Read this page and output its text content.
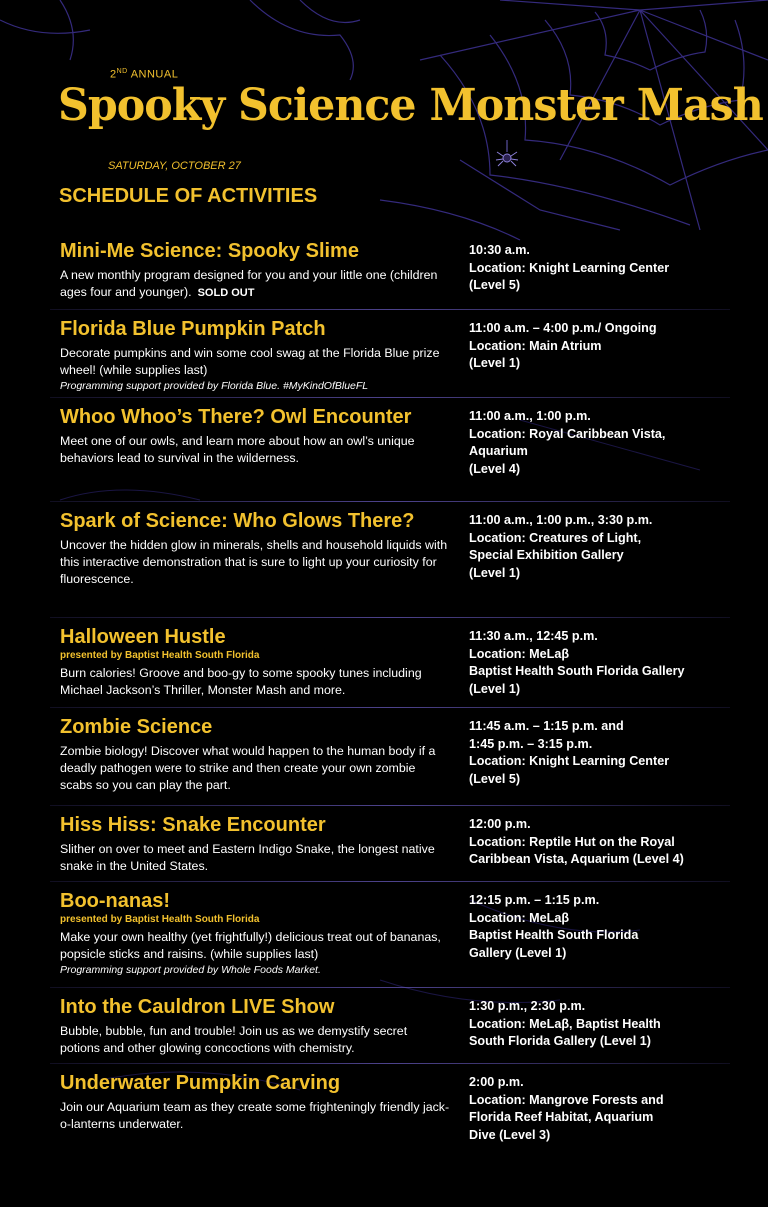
2ND ANNUAL
Spooky Science Monster Mash
SATURDAY, OCTOBER 27
SCHEDULE OF ACTIVITIES
Mini-Me Science: Spooky Slime
A new monthly program designed for you and your little one (children ages four and younger). SOLD OUT
10:30 a.m.
Location: Knight Learning Center
(Level 5)
Florida Blue Pumpkin Patch
Decorate pumpkins and win some cool swag at the Florida Blue prize wheel! (while supplies last)
Programming support provided by Florida Blue. #MyKindOfBlueFL
11:00 a.m. – 4:00 p.m./ Ongoing
Location: Main Atrium
(Level 1)
Whoo Whoo’s There? Owl Encounter
Meet one of our owls, and learn more about how an owl’s unique behaviors lead to survival in the wilderness.
11:00 a.m., 1:00 p.m.
Location: Royal Caribbean Vista,
Aquarium
(Level 4)
Spark of Science: Who Glows There?
Uncover the hidden glow in minerals, shells and household liquids with this interactive demonstration that is sure to light up your curiosity for fluorescence.
11:00 a.m., 1:00 p.m., 3:30 p.m.
Location: Creatures of Light,
Special Exhibition Gallery
(Level 1)
Halloween Hustle
presented by Baptist Health South Florida
Burn calories! Groove and boo-gy to some spooky tunes including Michael Jackson’s Thriller, Monster Mash and more.
11:30 a.m., 12:45 p.m.
Location: MeLaβ
Baptist Health South Florida Gallery
(Level 1)
Zombie Science
Zombie biology! Discover what would happen to the human body if a deadly pathogen were to strike and then create your own zombie scabs so you can play the part.
11:45 a.m. – 1:15 p.m. and
1:45 p.m. – 3:15 p.m.
Location: Knight Learning Center
(Level 5)
Hiss Hiss: Snake Encounter
Slither on over to meet and Eastern Indigo Snake, the longest native snake in the United States.
12:00 p.m.
Location: Reptile Hut on the Royal
Caribbean Vista, Aquarium (Level 4)
Boo-nanas!
presented by Baptist Health South Florida
Make your own healthy (yet frightfully!) delicious treat out of bananas, popsicle sticks and raisins. (while supplies last)
Programming support provided by Whole Foods Market.
12:15 p.m. – 1:15 p.m.
Location: MeLaβ
Baptist Health South Florida
Gallery (Level 1)
Into the Cauldron LIVE Show
Bubble, bubble, fun and trouble! Join us as we demystify secret potions and other glowing concoctions with chemistry.
1:30 p.m., 2:30 p.m.
Location: MeLaβ, Baptist Health
South Florida Gallery (Level 1)
Underwater Pumpkin Carving
Join our Aquarium team as they create some frighteningly friendly jack-o-lanterns underwater.
2:00 p.m.
Location: Mangrove Forests and
Florida Reef Habitat, Aquarium
Dive (Level 3)
